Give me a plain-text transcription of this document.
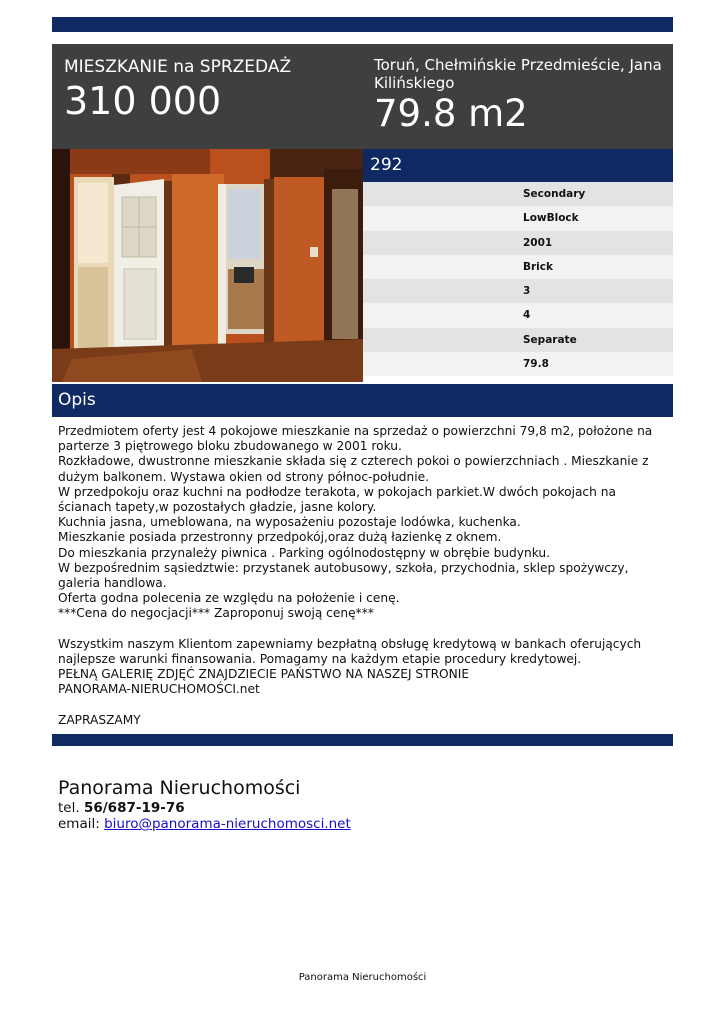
MIESZKANIE na SPRZEDAŻ
310 000
Toruń, Chełmińskie Przedmieście, Jana Kilińskiego
79.8 m2
292
Secondary
LowBlock
2001
Brick
3
4
Separate
79.8
Opis
Przedmiotem oferty jest 4 pokojowe mieszkanie na sprzedaż o powierzchni 79,8 m2, położone na parterze 3 piętrowego bloku zbudowanego w 2001 roku.
Rozkładowe, dwustronne mieszkanie składa się z czterech pokoi o powierzchniach . Mieszkanie z dużym balkonem. Wystawa okien od strony północ-południe.
W przedpokoju oraz kuchni na podłodze terakota, w pokojach parkiet.W dwóch pokojach na ścianach tapety,w pozostałych gładzie, jasne kolory.
Kuchnia jasna, umeblowana, na wyposażeniu pozostaje lodówka, kuchenka.
Mieszkanie posiada przestronny przedpokój,oraz dużą łazienkę z oknem.
Do mieszkania przynależy piwnica . Parking ogólnodostępny w obrębie budynku.
W bezpośrednim sąsiedztwie: przystanek autobusowy, szkoła, przychodnia, sklep spożywczy, galeria handlowa.
Oferta godna polecenia ze względu na położenie i cenę.
***Cena do negocjacji*** Zaproponuj swoją cenę***
Wszystkim naszym Klientom zapewniamy bezpłatną obsługę kredytową w bankach oferujących najlepsze warunki finansowania. Pomagamy na każdym etapie procedury kredytowej.
PEŁNĄ GALERIĘ ZDJĘĆ ZNAJDZIECIE PAŃSTWO NA NASZEJ STRONIE
PANORAMA-NIERUCHOMOŚCI.net
ZAPRASZAMY
Panorama Nieruchomości
tel. 56/687-19-76
email: biuro@panorama-nieruchomosci.net
Panorama Nieruchomości
